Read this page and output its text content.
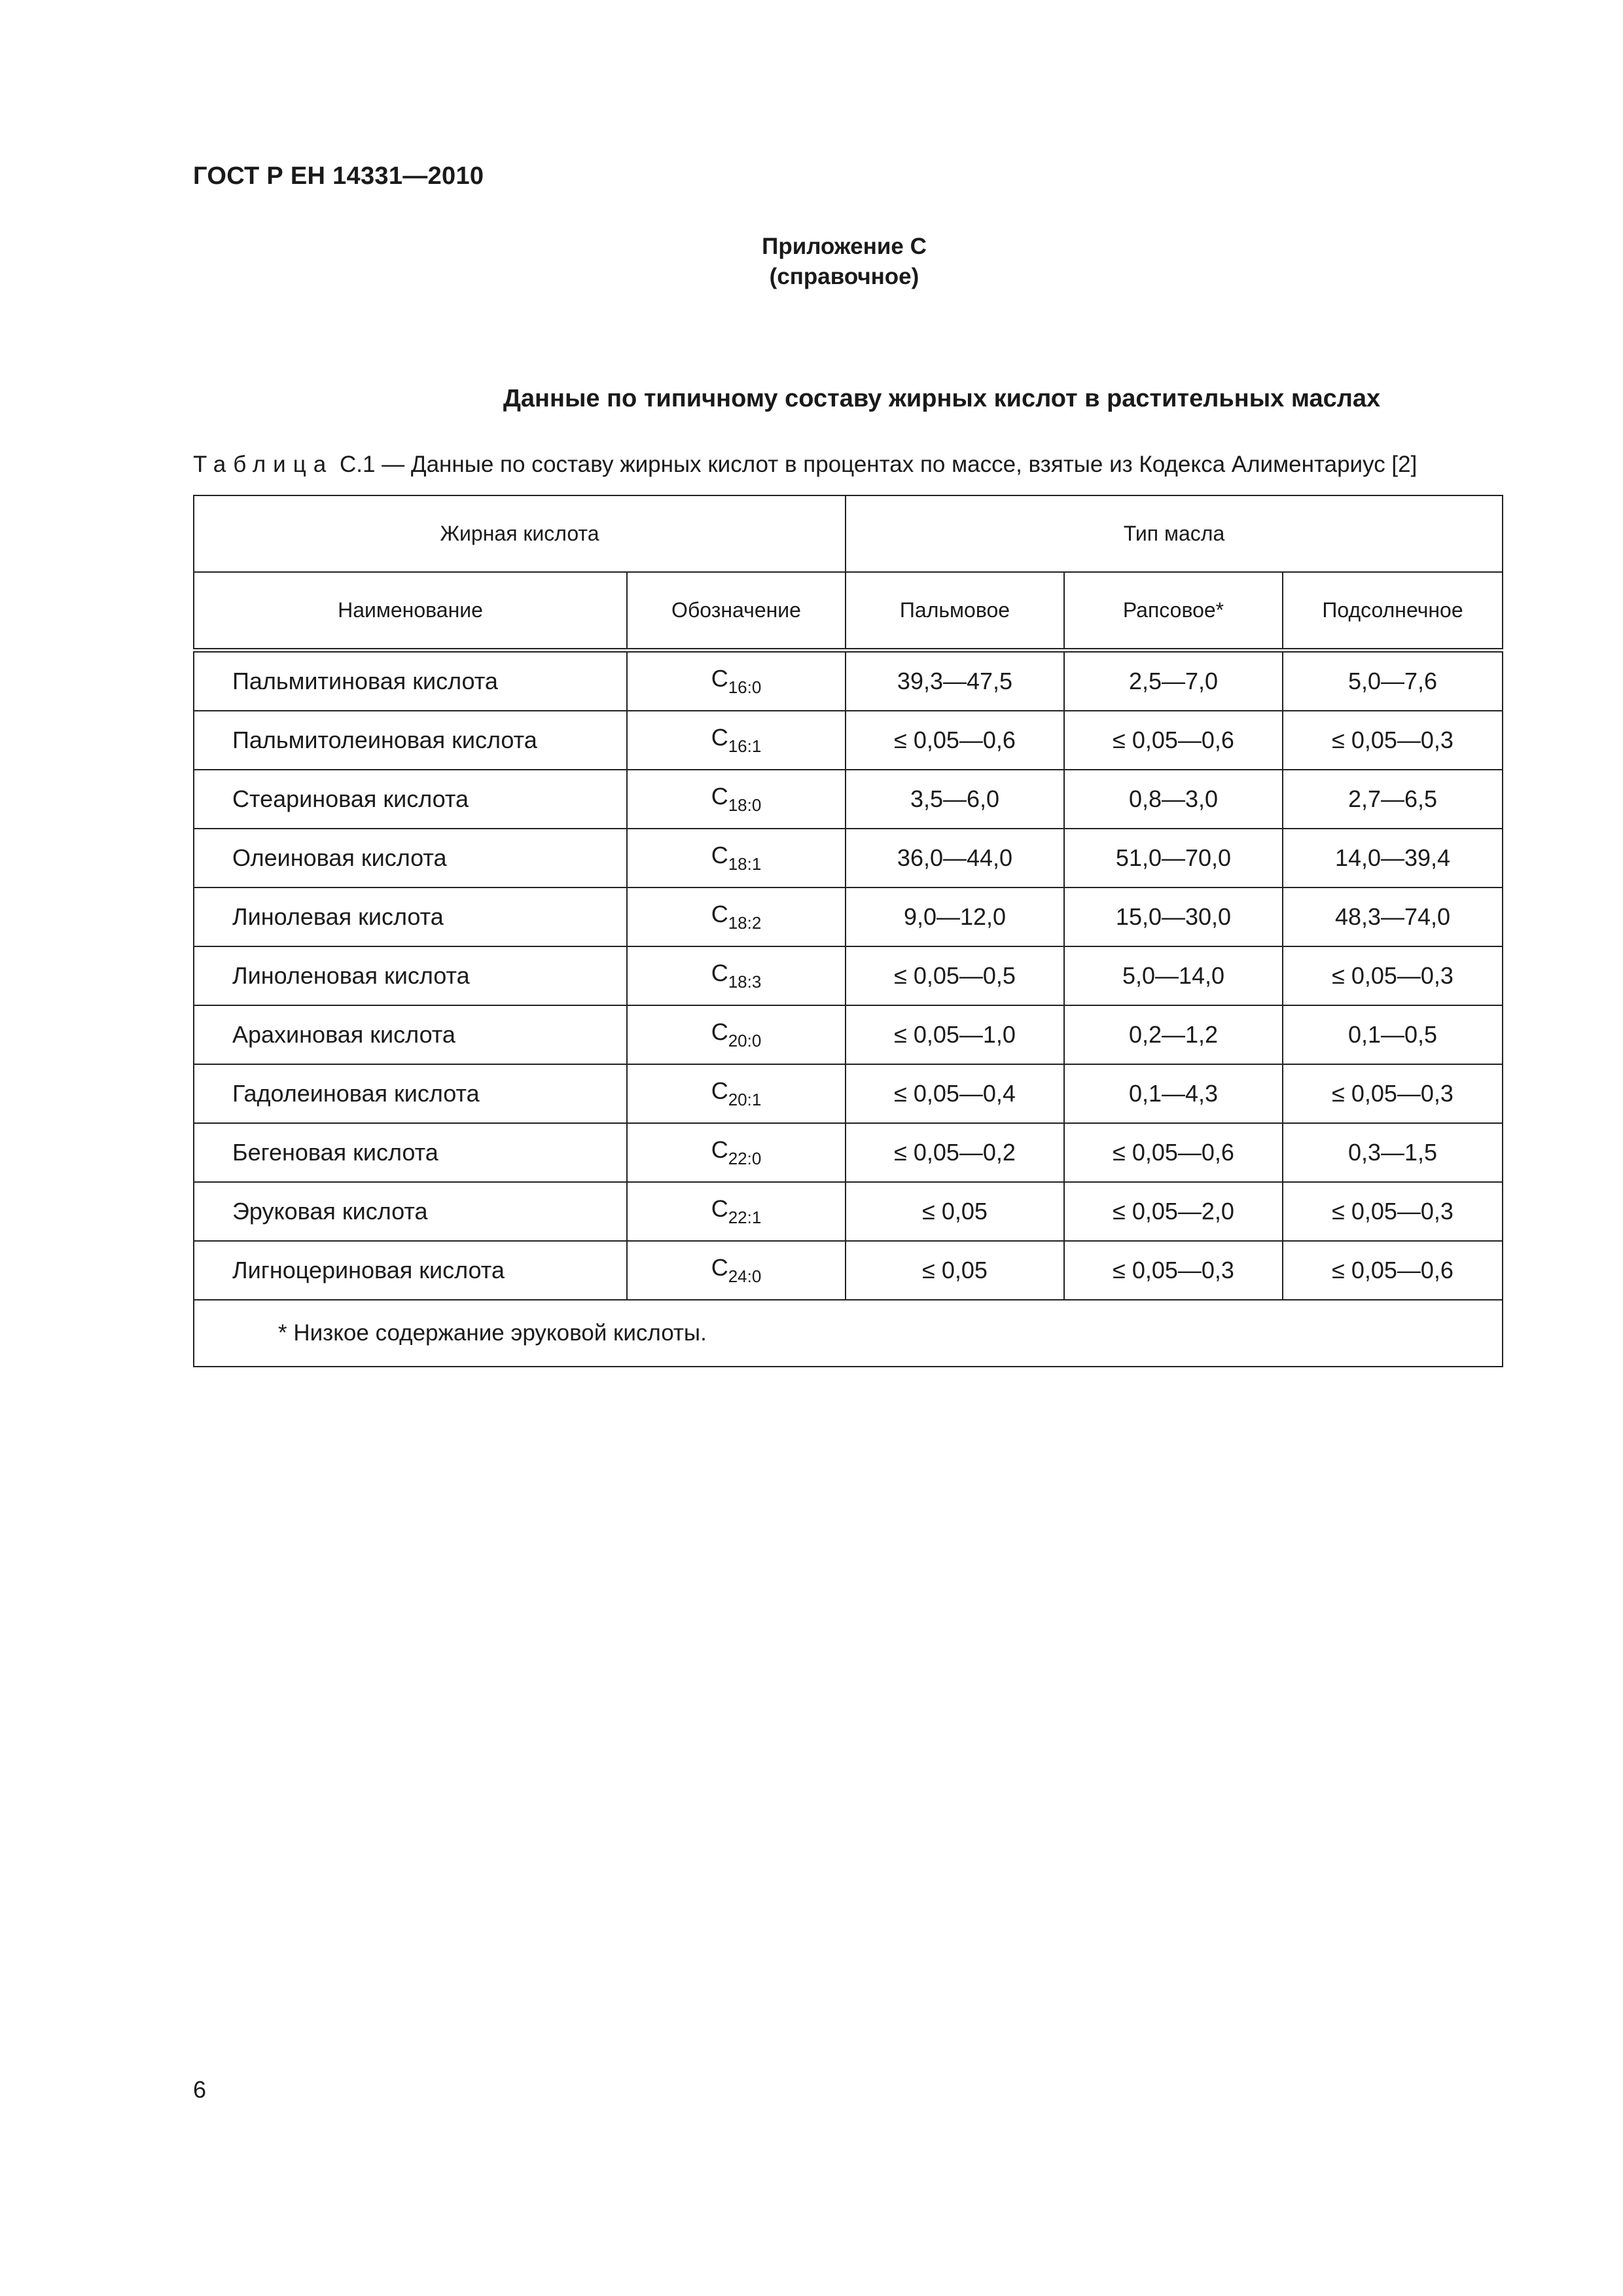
ГОСТ Р ЕН 14331—2010
Приложение С
(справочное)
Данные по типичному составу жирных кислот в растительных маслах
Таблица С.1 — Данные по составу жирных кислот в процентах по массе, взятые из Кодекса Алиментариус [2]
Жирная кислота		Тип масла		
Наименование	Обозначение	Пальмовое	Рапсовое*	Подсолнечное
Пальмитиновая кислота	$C_{16:0}$	39,3—47,5	2,5—7,0	5,0—7,6
Пальмитолеиновая кислота	$C_{16:1}$	≤ 0,05—0,6	≤ 0,05—0,6	≤ 0,05—0,3
Стеариновая кислота	$C_{18:0}$	3,5—6,0	0,8—3,0	2,7—6,5
Олеиновая кислота	$C_{18:1}$	36,0—44,0	51,0—70,0	14,0—39,4
Линолевая кислота	$C_{18:2}$	9,0—12,0	15,0—30,0	48,3—74,0
Линоленовая кислота	$C_{18:3}$	≤ 0,05—0,5	5,0—14,0	≤ 0,05—0,3
Арахиновая кислота	$C_{20:0}$	≤ 0,05—1,0	0,2—1,2	0,1—0,5
Гадолеиновая кислота	$C_{20:1}$	≤ 0,05—0,4	0,1—4,3	≤ 0,05—0,3
Бегеновая кислота	$C_{22:0}$	≤ 0,05—0,2	≤ 0,05—0,6	0,3—1,5
Эруковая кислота	$C_{22:1}$	≤ 0,05	≤ 0,05—2,0	≤ 0,05—0,3
Лигноцериновая кислота	$C_{24:0}$	≤ 0,05	≤ 0,05—0,3	≤ 0,05—0,6
* Низкое содержание эруковой кислоты.				
6
